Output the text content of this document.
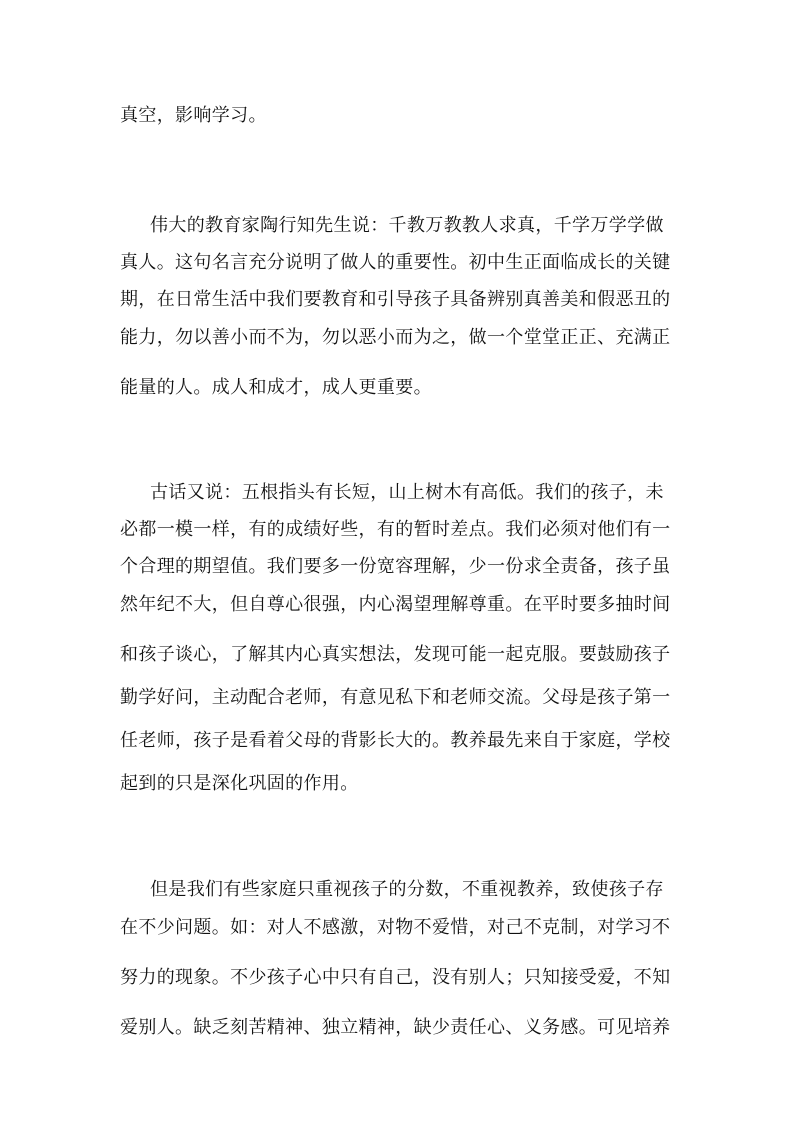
真空，影响学习。
伟大的教育家陶行知先生说：千教万教教人求真，千学万学学做
真人。这句名言充分说明了做人的重要性。初中生正面临成长的关键
期，在日常生活中我们要教育和引导孩子具备辨别真善美和假恶丑的
能力，勿以善小而不为，勿以恶小而为之，做一个堂堂正正、充满正
能量的人。成人和成才，成人更重要。
古话又说：五根指头有长短，山上树木有高低。我们的孩子，未
必都一模一样，有的成绩好些，有的暂时差点。我们必须对他们有一
个合理的期望值。我们要多一份宽容理解，少一份求全责备，孩子虽
然年纪不大，但自尊心很强，内心渴望理解尊重。在平时要多抽时间
和孩子谈心，了解其内心真实想法，发现可能一起克服。要鼓励孩子
勤学好问，主动配合老师，有意见私下和老师交流。父母是孩子第一
任老师，孩子是看着父母的背影长大的。教养最先来自于家庭，学校
起到的只是深化巩固的作用。
但是我们有些家庭只重视孩子的分数，不重视教养，致使孩子存
在不少问题。如：对人不感激，对物不爱惜，对己不克制，对学习不
努力的现象。不少孩子心中只有自己，没有别人；只知接受爱，不知
爱别人。缺乏刻苦精神、独立精神，缺少责任心、义务感。可见培养
